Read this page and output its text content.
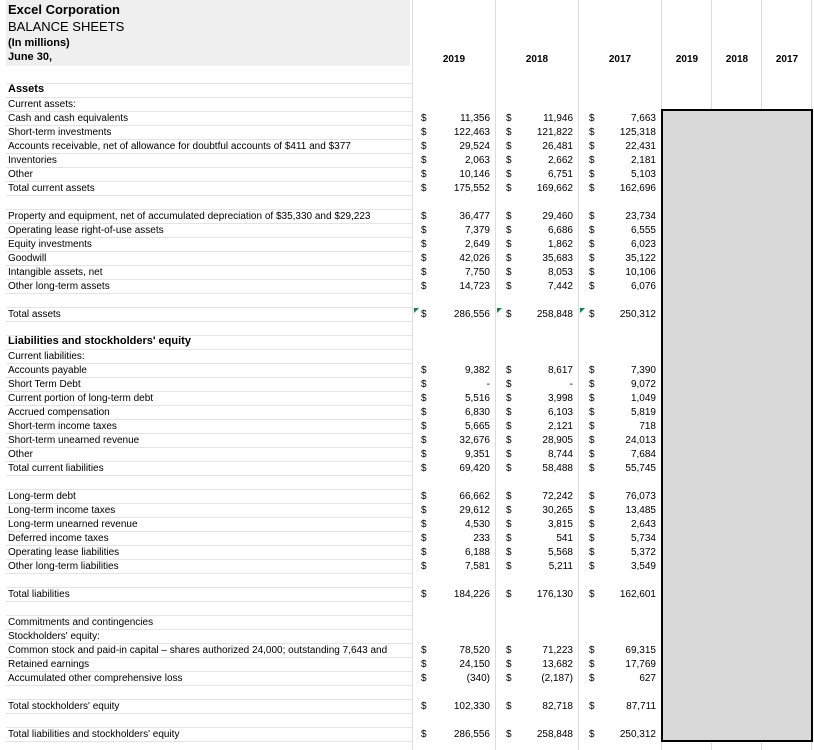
Excel Corporation
BALANCE SHEETS
(In millions)
June 30,	2019	2018	2017	2019	2018	2017
Assets
Current assets:
Cash and cash equivalents	$	11,356 $	11,946 $	7,663
Short-term investments	$	122,463 $	121,822 $	125,318
Accounts receivable, net of allowance for doubtful accounts of $411 and $377	$	29,524 $	26,481 $	22,431
Inventories	$	2,063 $	2,662 $	2,181
Other	$	10,146 $	6,751 $	5,103
Total current assets	$	175,552 $	169,662 $	162,696
Property and equipment, net of accumulated depreciation of $35,330 and $29,223	$	36,477 $	29,460 $	23,734
Operating lease right-of-use assets	$	7,379 $	6,686 $	6,555
Equity investments	$	2,649 $	1,862 $	6,023
Goodwill	$	42,026 $	35,683 $	35,122
Intangible assets, net	$	7,750 $	8,053 $	10,106
Other long-term assets	$	14,723 $	7,442 $	6,076
Total assets	$	286,556 $	258,848 $	250,312
Liabilities and stockholders' equity
Current liabilities:
Accounts payable	$	9,382 $	8,617 $	7,390
Short Term Debt	$	- $	- $	9,072
Current portion of long-term debt	$	5,516 $	3,998 $	1,049
Accrued compensation	$	6,830 $	6,103 $	5,819
Short-term income taxes	$	5,665 $	2,121 $	718
Short-term unearned revenue	$	32,676 $	28,905 $	24,013
Other	$	9,351 $	8,744 $	7,684
Total current liabilities	$	69,420 $	58,488 $	55,745
Long-term debt	$	66,662 $	72,242 $	76,073
Long-term income taxes	$	29,612 $	30,265 $	13,485
Long-term unearned revenue	$	4,530 $	3,815 $	2,643
Deferred income taxes	$	233 $	541 $	5,734
Operating lease liabilities	$	6,188 $	5,568 $	5,372
Other long-term liabilities	$	7,581 $	5,211 $	3,549
Total liabilities	$	184,226 $	176,130 $	162,601
Commitments and contingencies
Stockholders' equity:
Common stock and paid-in capital – shares authorized 24,000; outstanding 7,643 and	$	78,520 $	71,223 $	69,315
Retained earnings	$	24,150 $	13,682 $	17,769
Accumulated other comprehensive loss	$	(340) $	(2,187) $	627
Total stockholders' equity	$	102,330 $	82,718 $	87,711
Total liabilities and stockholders' equity	$	286,556 $	258,848 $	250,312
